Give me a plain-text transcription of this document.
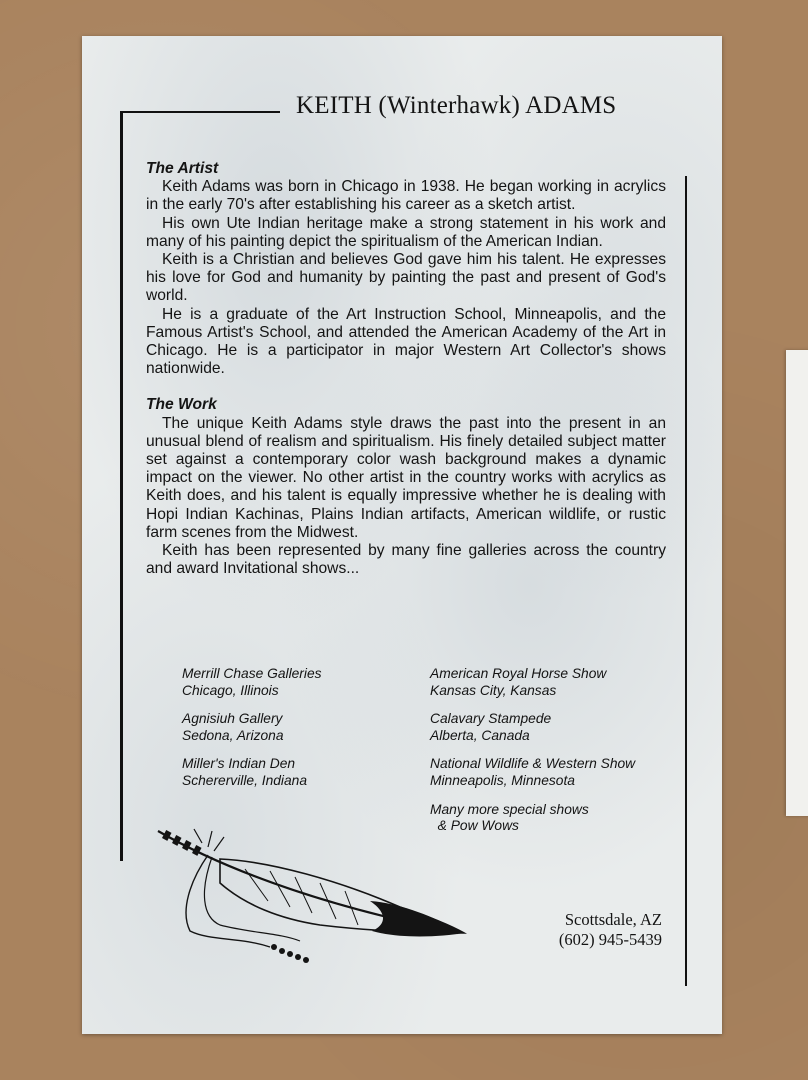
KEITH (Winterhawk) ADAMS

The Artist

Keith Adams was born in Chicago in 1938. He began working in acrylics in the early 70's after establishing his career as a sketch artist.

His own Ute Indian heritage make a strong statement in his work and many of his painting depict the spiritualism of the American Indian.

Keith is a Christian and believes God gave him his talent. He expresses his love for God and humanity by painting the past and present of God's world.

He is a graduate of the Art Instruction School, Minneapolis, and the Famous Artist's School, and attended the American Academy of the Art in Chicago. He is a participator in major Western Art Collector's shows nationwide.

The Work

The unique Keith Adams style draws the past into the present in an unusual blend of realism and spiritualism. His finely detailed subject matter set against a contemporary color wash background makes a dynamic impact on the viewer. No other artist in the country works with acrylics as Keith does, and his talent is equally impressive whether he is dealing with Hopi Indian Kachinas, Plains Indian artifacts, American wildlife, or rustic farm scenes from the Midwest.

Keith has been represented by many fine galleries across the country and award Invitational shows...

Merrill Chase Galleries
Chicago, Illinois
Agnisiuh Gallery
Sedona, Arizona
Miller's Indian Den
Schererville, Indiana
American Royal Horse Show
Kansas City, Kansas
Calavary Stampede
Alberta, Canada
National Wildlife & Western Show
Minneapolis, Minnesota
Many more special shows
& Pow Wows
Scottsdale, AZ
(602) 945-5439
